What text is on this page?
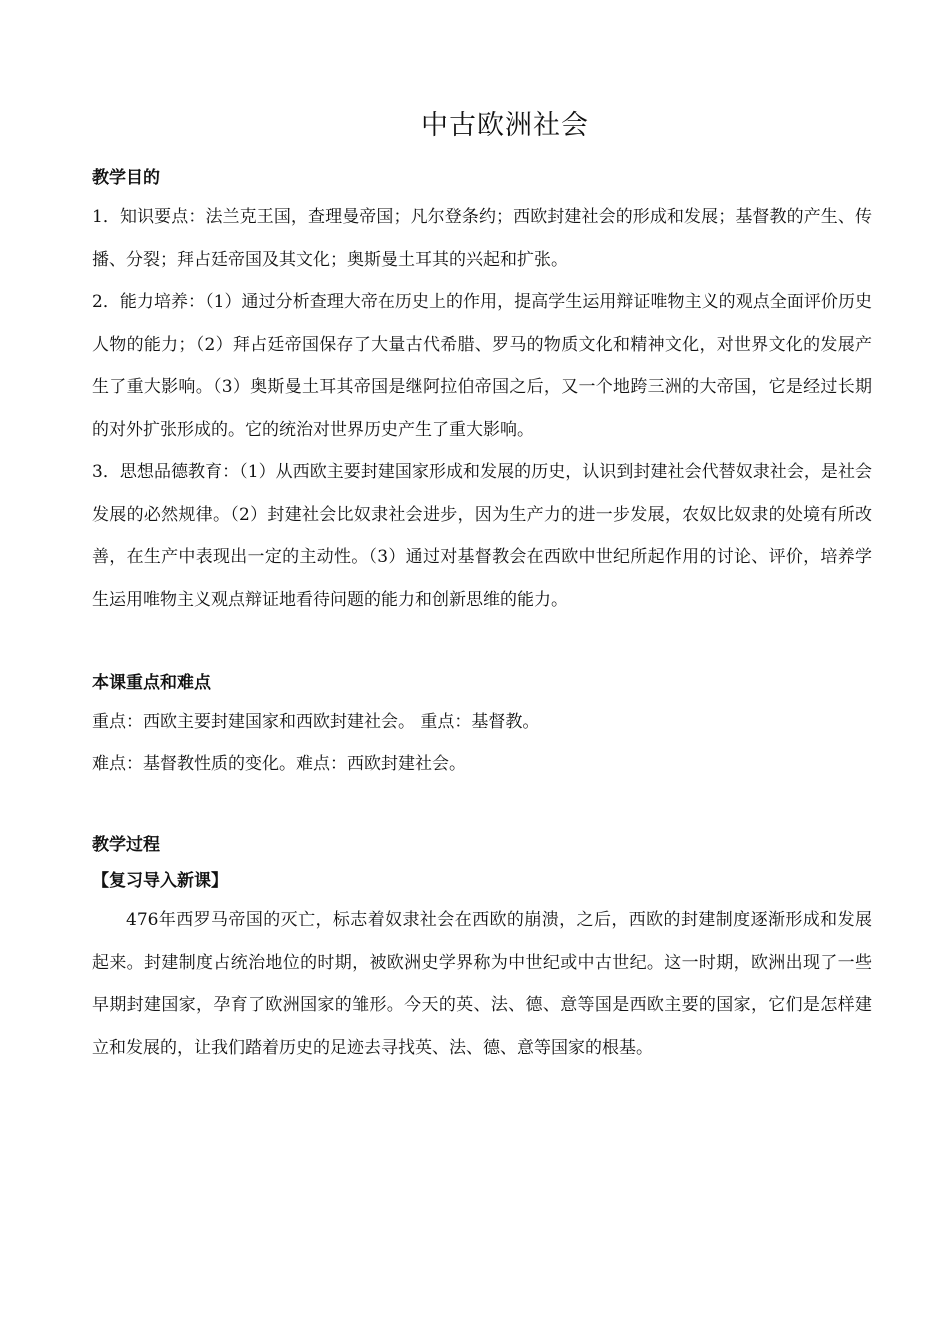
中古欧洲社会
教学目的

1．知识要点：法兰克王国，查理曼帝国；凡尔登条约；西欧封建社会的形成和发展；基督教的产生、传播、分裂；拜占廷帝国及其文化；奥斯曼土耳其的兴起和扩张。

2．能力培养：（1）通过分析查理大帝在历史上的作用，提高学生运用辩证唯物主义的观点全面评价历史人物的能力；（2）拜占廷帝国保存了大量古代希腊、罗马的物质文化和精神文化，对世界文化的发展产生了重大影响。（3）奥斯曼土耳其帝国是继阿拉伯帝国之后，又一个地跨三洲的大帝国，它是经过长期的对外扩张形成的。它的统治对世界历史产生了重大影响。

3．思想品德教育：（1）从西欧主要封建国家形成和发展的历史，认识到封建社会代替奴隶社会，是社会发展的必然规律。（2）封建社会比奴隶社会进步，因为生产力的进一步发展，农奴比奴隶的处境有所改善，在生产中表现出一定的主动性。（3）通过对基督教会在西欧中世纪所起作用的讨论、评价，培养学生运用唯物主义观点辩证地看待问题的能力和创新思维的能力。

本课重点和难点
重点：西欧主要封建国家和西欧封建社会。 重点：基督教。
难点：基督教性质的变化。难点：西欧封建社会。
教学过程
【复习导入新课】

476年西罗马帝国的灭亡，标志着奴隶社会在西欧的崩溃，之后，西欧的封建制度逐渐形成和发展起来。封建制度占统治地位的时期，被欧洲史学界称为中世纪或中古世纪。这一时期，欧洲出现了一些早期封建国家，孕育了欧洲国家的雏形。今天的英、法、德、意等国是西欧主要的国家，它们是怎样建立和发展的，让我们踏着历史的足迹去寻找英、法、德、意等国家的根基。
